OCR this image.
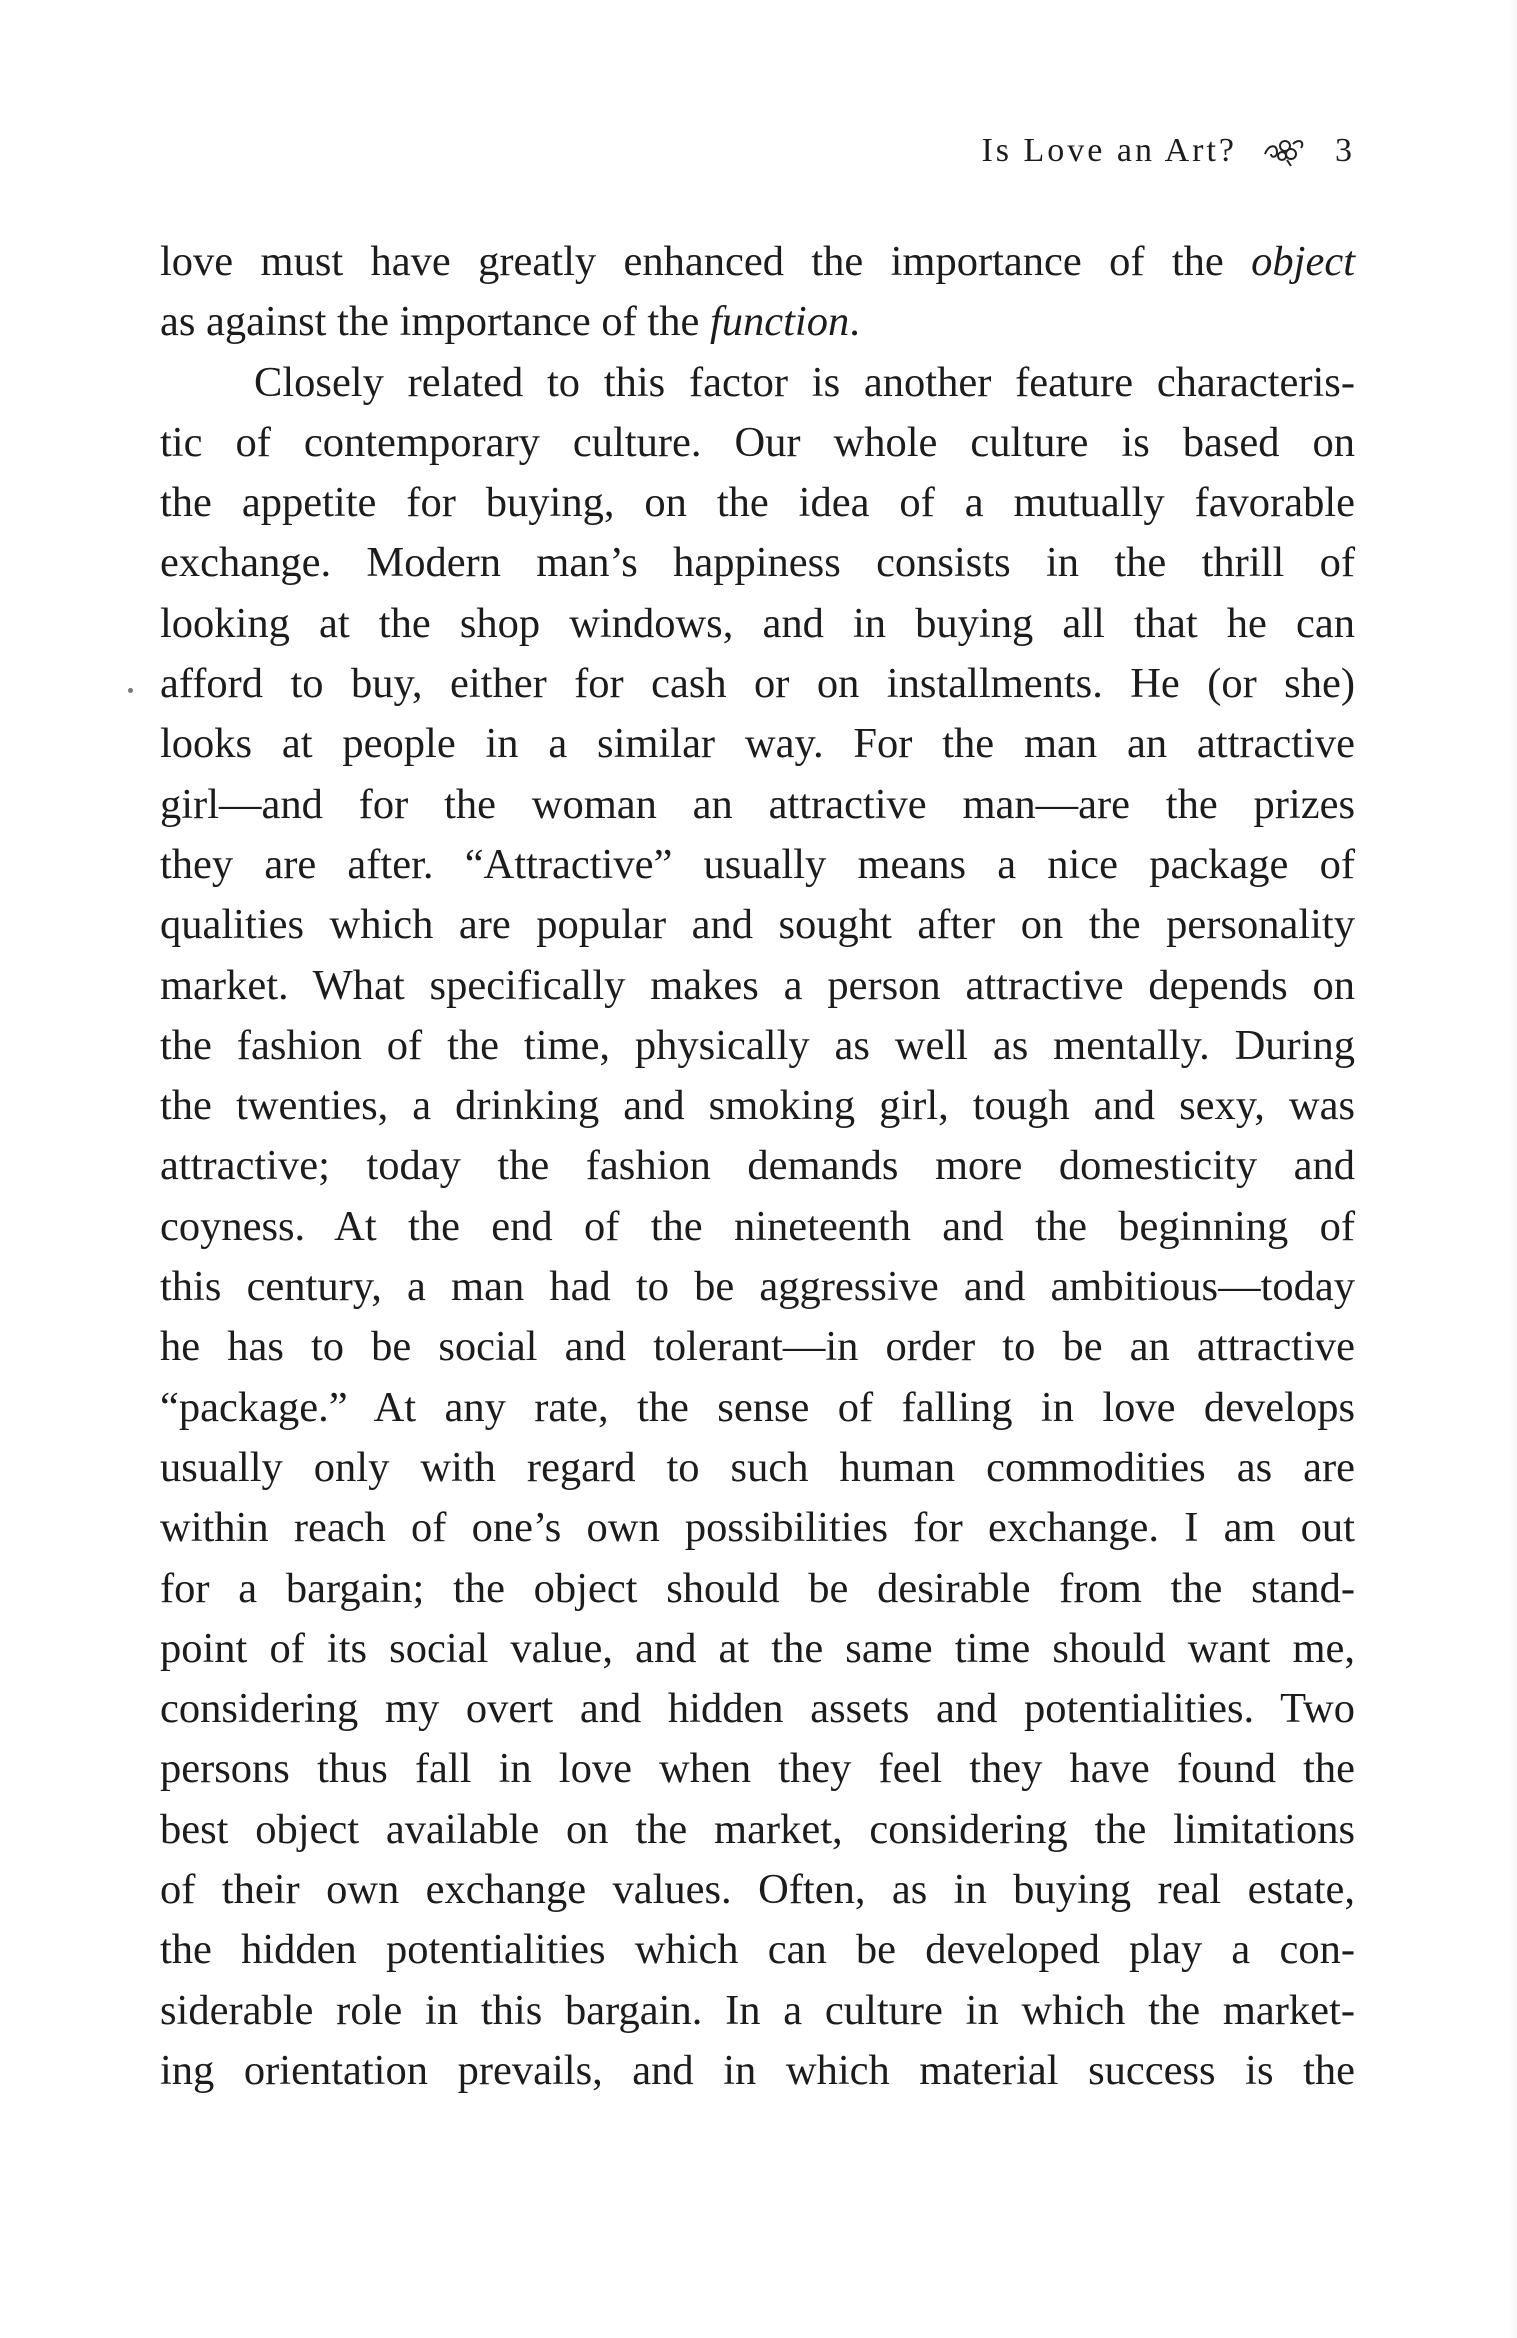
Is Love an Art?	3
love must have greatly enhanced the importance of the object
as against the importance of the function.
Closely related to this factor is another feature characteris-
tic of contemporary culture. Our whole culture is based on
the appetite for buying, on the idea of a mutually favorable
exchange. Modern man’s happiness consists in the thrill of
looking at the shop windows, and in buying all that he can
afford to buy, either for cash or on installments. He (or she)
looks at people in a similar way. For the man an attractive
girl—and for the woman an attractive man—are the prizes
they are after. “Attractive” usually means a nice package of
qualities which are popular and sought after on the personality
market. What specifically makes a person attractive depends on
the fashion of the time, physically as well as mentally. During
the twenties, a drinking and smoking girl, tough and sexy, was
attractive; today the fashion demands more domesticity and
coyness. At the end of the nineteenth and the beginning of
this century, a man had to be aggressive and ambitious—today
he has to be social and tolerant—in order to be an attractive
“package.” At any rate, the sense of falling in love develops
usually only with regard to such human commodities as are
within reach of one’s own possibilities for exchange. I am out
for a bargain; the object should be desirable from the stand-
point of its social value, and at the same time should want me,
considering my overt and hidden assets and potentialities. Two
persons thus fall in love when they feel they have found the
best object available on the market, considering the limitations
of their own exchange values. Often, as in buying real estate,
the hidden potentialities which can be developed play a con-
siderable role in this bargain. In a culture in which the market-
ing orientation prevails, and in which material success is the
